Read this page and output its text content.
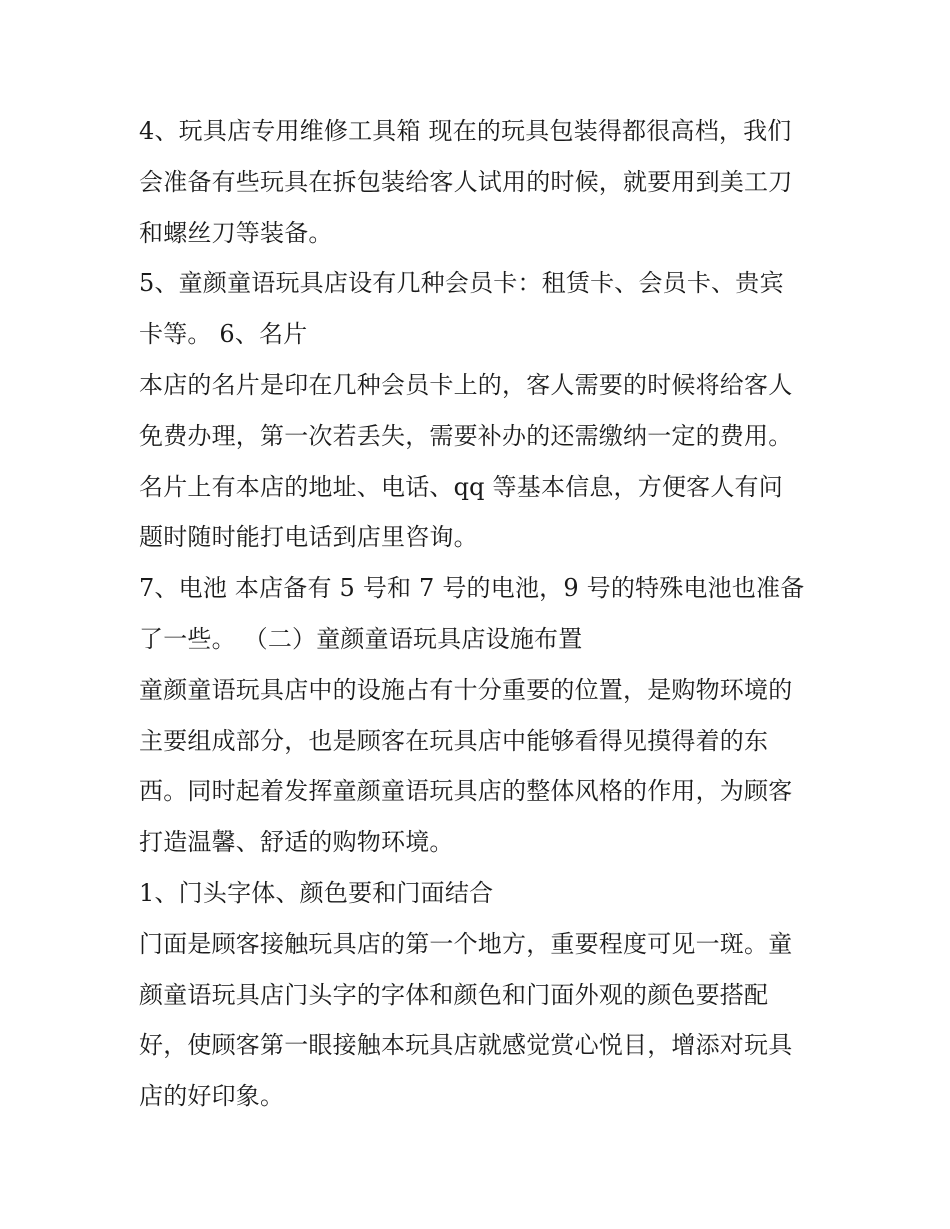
4、玩具店专用维修工具箱 现在的玩具包装得都很高档，我们
会准备有些玩具在拆包装给客人试用的时候，就要用到美工刀
和螺丝刀等装备。
5、童颜童语玩具店设有几种会员卡：租赁卡、会员卡、贵宾
卡等。 6、名片
本店的名片是印在几种会员卡上的，客人需要的时候将给客人
免费办理，第一次若丢失，需要补办的还需缴纳一定的费用。
名片上有本店的地址、电话、qq 等基本信息，方便客人有问
题时随时能打电话到店里咨询。
7、电池 本店备有 5 号和 7 号的电池，9 号的特殊电池也准备
了一些。 （二）童颜童语玩具店设施布置
童颜童语玩具店中的设施占有十分重要的位置，是购物环境的
主要组成部分，也是顾客在玩具店中能够看得见摸得着的东
西。同时起着发挥童颜童语玩具店的整体风格的作用，为顾客
打造温馨、舒适的购物环境。
1、门头字体、颜色要和门面结合
门面是顾客接触玩具店的第一个地方，重要程度可见一斑。童
颜童语玩具店门头字的字体和颜色和门面外观的颜色要搭配
好，使顾客第一眼接触本玩具店就感觉赏心悦目，增添对玩具
店的好印象。
